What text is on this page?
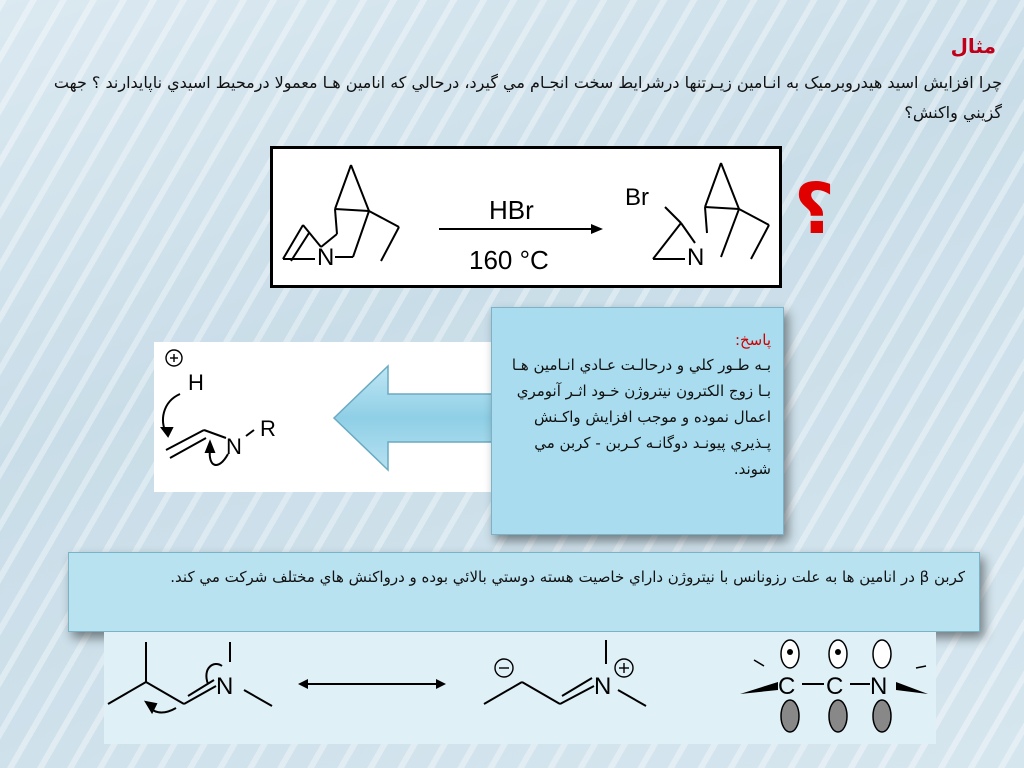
مثال
چرا افزايش اسيد هيدروبرميک به انـامين زيـرتنها درشرايط سخت انجـام مي گيرد، درحالي که انامين هـا معمولا درمحيط اسيدي ناپايدارند ؟ جهت گزيني واکنش؟
N
HBr
160 °C	N
Br ؟
H
N
R
پاسخ:
بـه طـور کلي و درحالـت عـادي انـامين هـا بـا زوج الکترون نيتروژن خـود اثـر آنومري اعمال نموده و موجب افزايش واکـنش پـذيري پيونـد دوگانـه کـربن - کربن مي شوند.
کربن β در انامين ها به علت رزونانس با نيتروژن داراي خاصيت هسته دوستي بالائي بوده و درواکنش هاي مختلف شرکت مي کند.
N	N	C C N
